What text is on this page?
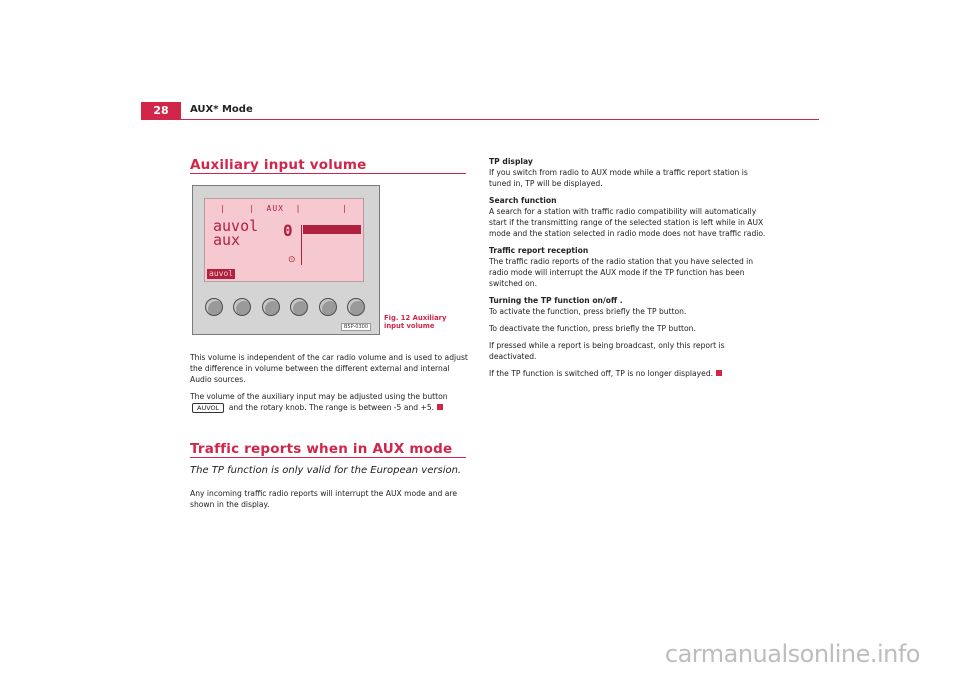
28	AUX* Mode
Auxiliary input volume
|    |  AUX  |       |
auvol
aux	0
⊙
auvol
B5P-0300
Fig. 12 Auxiliary input volume

This volume is independent of the car radio volume and is used to adjust the difference in volume between the different external and internal Audio sources.

The volume of the auxiliary input may be adjusted using the button AUVOL and the rotary knob. The range is between -5 and +5.

Traffic reports when in AUX mode
The TP function is only valid for the European version.

Any incoming traffic radio reports will interrupt the AUX mode and are shown in the display.

TP display

If you switch from radio to AUX mode while a traffic report station is tuned in, TP will be displayed.

Search function

A search for a station with traffic radio compatibility will automatically start if the transmitting range of the selected station is left while in AUX mode and the station selected in radio mode does not have traffic radio.

Traffic report reception

The traffic radio reports of the radio station that you have selected in radio mode will interrupt the AUX mode if the TP function has been switched on.

Turning the TP function on/off .

To activate the function, press briefly the TP button.

To deactivate the function, press briefly the TP button.

If pressed while a report is being broadcast, only this report is deactivated.

If the TP function is switched off, TP is no longer displayed.

carmanualsonline.info
